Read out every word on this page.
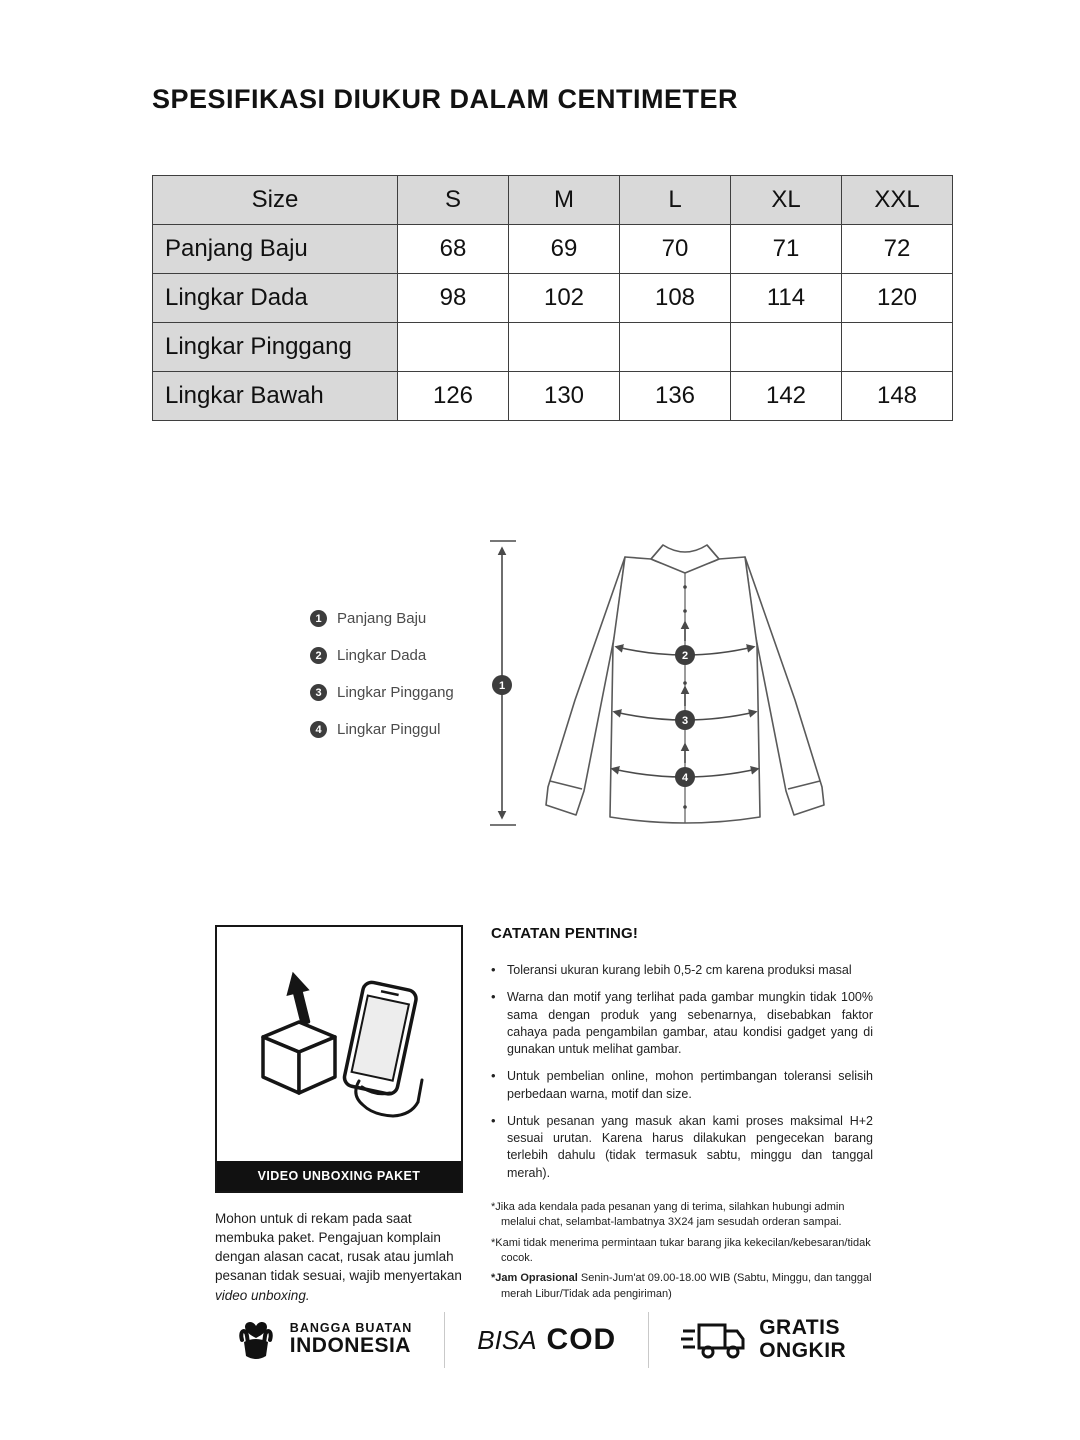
SPESIFIKASI DIUKUR DALAM CENTIMETER
Size	S	M	L	XL	XXL
Panjang Baju	68	69	70	71	72
Lingkar Dada	98	102	108	114	120
Lingkar Pinggang					
Lingkar Bawah	126	130	136	142	148
1	Panjang Baju
2	Lingkar Dada
3	Lingkar Pinggang
4	Lingkar Pinggul
1
2
3
4
VIDEO UNBOXING PAKET

Mohon untuk di rekam pada saat membuka paket. Pengajuan komplain dengan alasan cacat, rusak atau jumlah pesanan tidak sesuai, wajib menyertakan video unboxing.

CATATAN PENTING!
• Toleransi ukuran kurang lebih 0,5-2 cm karena produksi masal
• Warna dan motif yang terlihat pada gambar mungkin tidak 100% sama dengan produk yang sebenarnya, disebabkan faktor cahaya pada pengambilan gambar, atau kondisi gadget yang di gunakan untuk melihat gambar.
• Untuk pembelian online, mohon pertimbangan toleransi selisih perbedaan warna, motif dan size.
• Untuk pesanan yang masuk akan kami proses maksimal H+2 sesuai urutan. Karena harus dilakukan pengecekan barang terlebih dahulu (tidak termasuk sabtu, minggu dan tanggal merah).

*Jika ada kendala pada pesanan yang di terima, silahkan hubungi admin melalui chat, selambat-lambatnya 3X24 jam sesudah orderan sampai.

*Kami tidak menerima permintaan tukar barang jika kekecilan/kebesaran/tidak cocok.

*Jam Oprasional Senin-Jum'at 09.00-18.00 WIB (Sabtu, Minggu, dan tanggal merah Libur/Tidak ada pengiriman)

BANGGA BUATAN
INDONESIA	BISA COD	GRATIS
ONGKIR
